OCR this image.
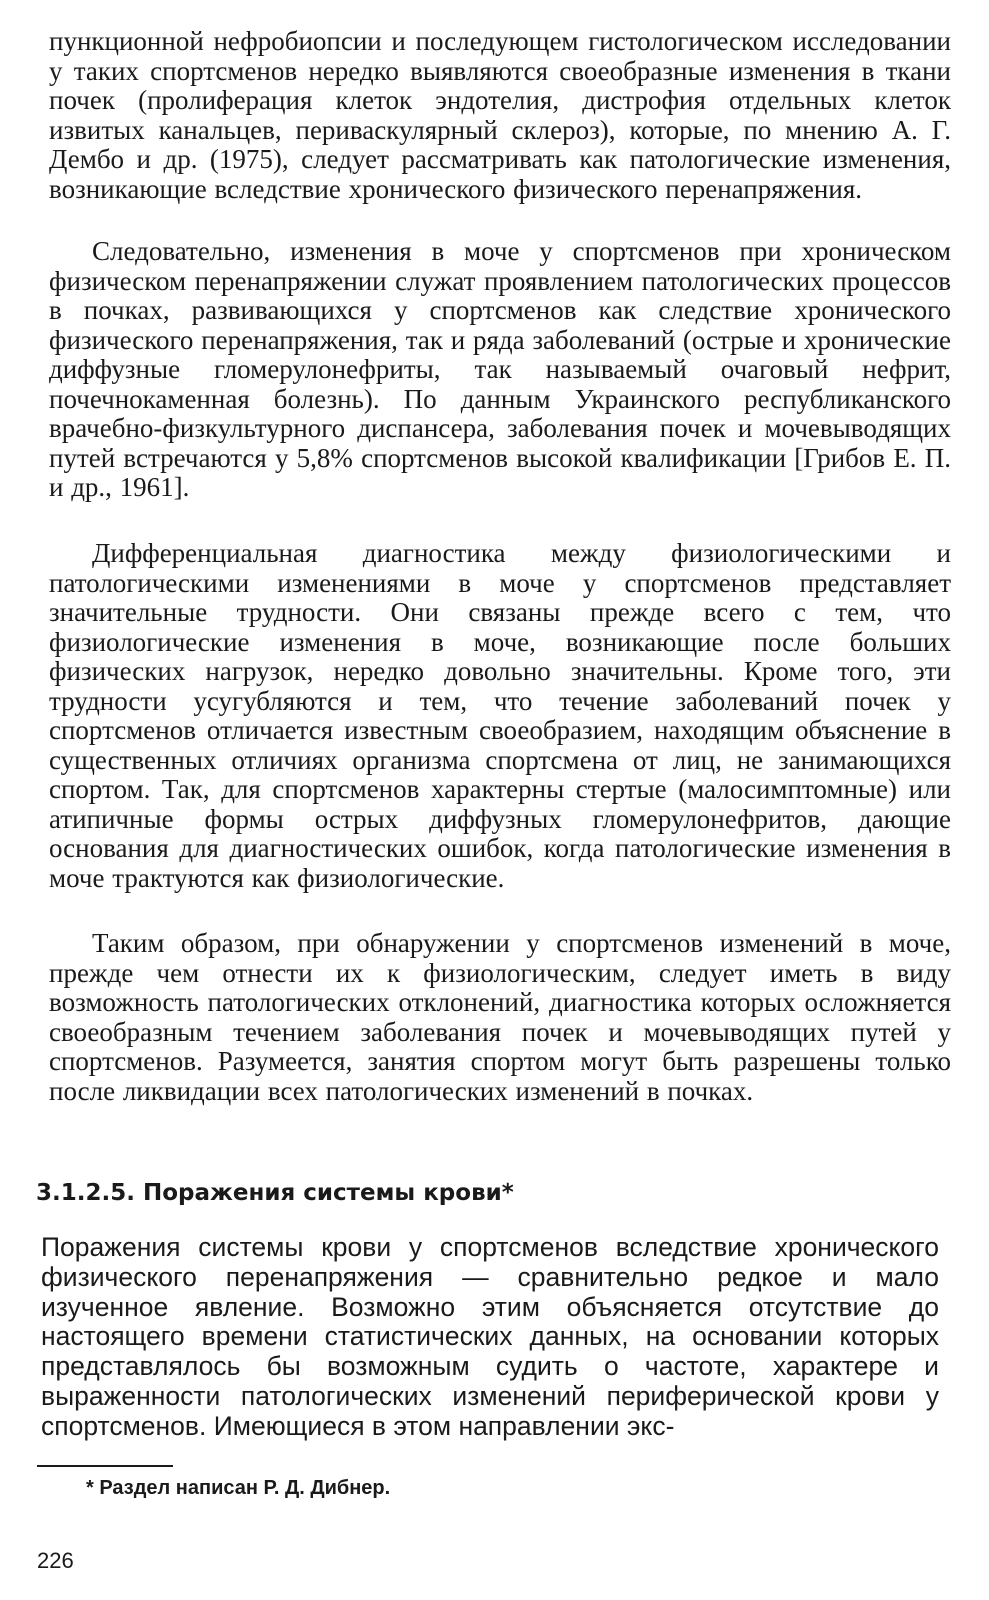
пункционной нефробиопсии и последующем гистологическом исследовании у таких спортсменов нередко выявляются своеобразные изменения в ткани почек (пролиферация клеток эндотелия, дистрофия отдельных клеток извитых канальцев, периваскулярный склероз), которые, по мнению А. Г. Дембо и др. (1975), следует рассматривать как патологические изменения, возникающие вследствие хронического физического перенапряжения.

Следовательно, изменения в моче у спортсменов при хроническом физическом перенапряжении служат проявлением патологических процессов в почках, развивающихся у спортсменов как следствие хронического физического перенапряжения, так и ряда заболеваний (острые и хронические диффузные гломерулонефриты, так называемый очаговый нефрит, почечнокаменная болезнь). По данным Украинского республиканского врачебно-физкультурного диспансера, заболевания почек и мочевыводящих путей встречаются у 5,8% спортсменов высокой квалификации [Грибов Е. П. и др., 1961].

Дифференциальная диагностика между физиологическими и патологическими изменениями в моче у спортсменов представляет значительные трудности. Они связаны прежде всего с тем, что физиологические изменения в моче, возникающие после больших физических нагрузок, нередко довольно значительны. Кроме того, эти трудности усугубляются и тем, что течение заболеваний почек у спортсменов отличается известным своеобразием, находящим объяснение в существенных отличиях организма спортсмена от лиц, не занимающихся спортом. Так, для спортсменов характерны стертые (малосимптомные) или атипичные формы острых диффузных гломерулонефритов, дающие основания для диагностических ошибок, когда патологические изменения в моче трактуются как физиологические.

Таким образом, при обнаружении у спортсменов изменений в моче, прежде чем отнести их к физиологическим, следует иметь в виду возможность патологических отклонений, диагностика которых осложняется своеобразным течением заболевания почек и мочевыводящих путей у спортсменов. Разумеется, занятия спортом могут быть разрешены только после ликвидации всех патологических изменений в почках.

3.1.2.5. Поражения системы крови*

Поражения системы крови у спортсменов вследствие хронического физического перенапряжения — сравнительно редкое и мало изученное явление. Возможно этим объясняется отсутствие до настоящего времени статистических данных, на основании которых представлялось бы возможным судить о частоте, характере и выраженности патологических изменений периферической крови у спортсменов. Имеющиеся в этом направлении экс-

* Раздел написан Р. Д. Дибнер.

226
